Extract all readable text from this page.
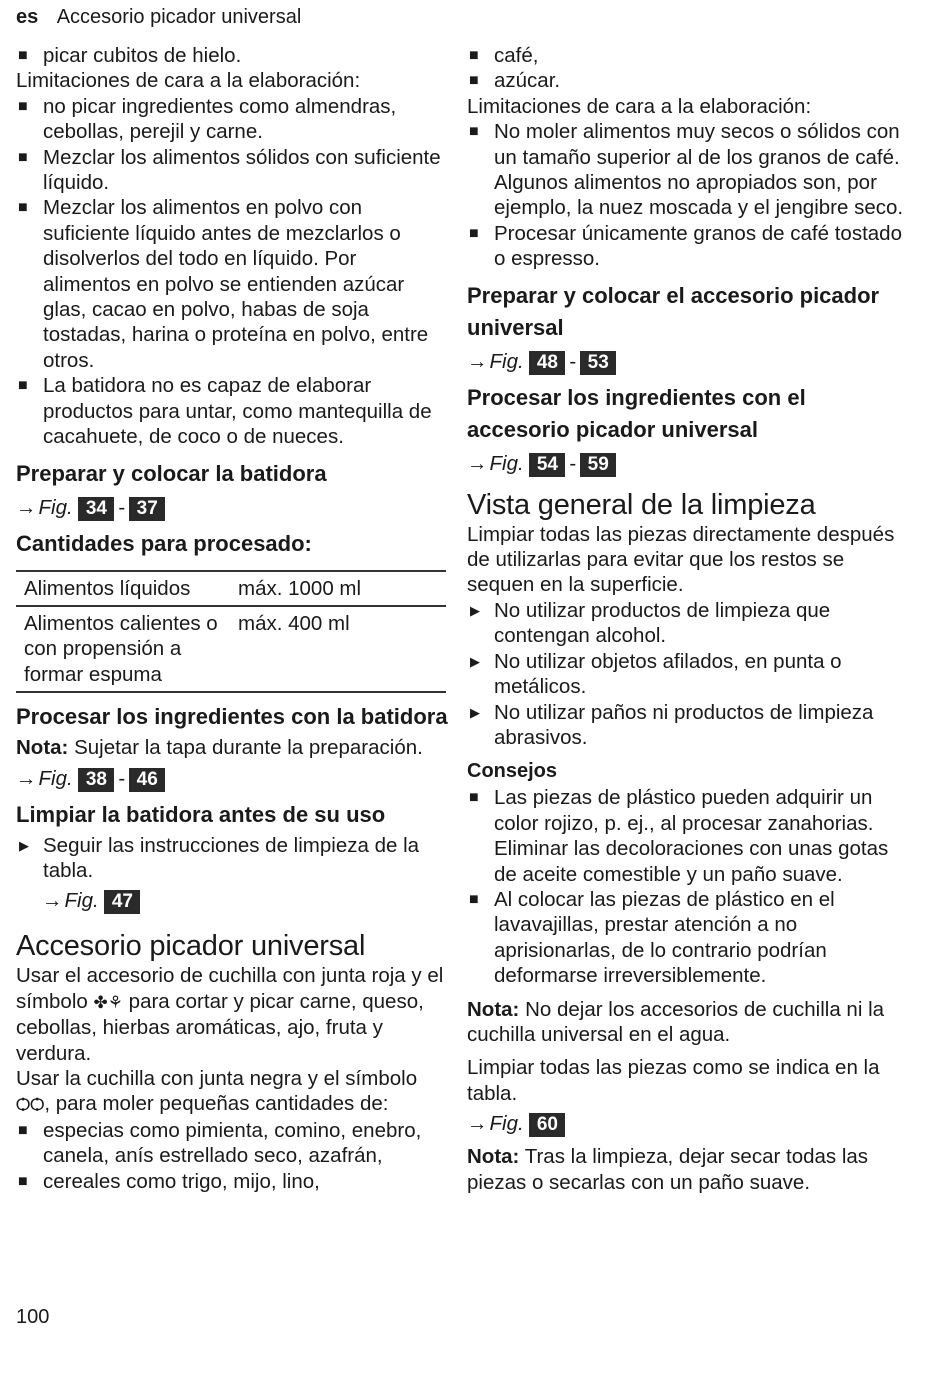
es Accesorio picador universal
■ picar cubitos de hielo.

Limitaciones de cara a la elaboración:

■ no picar ingredientes como almendras, cebollas, perejil y carne.
■ Mezclar los alimentos sólidos con suficiente líquido.
■ Mezclar los alimentos en polvo con suficiente líquido antes de mezclarlos o disolverlos del todo en líquido. Por alimentos en polvo se entienden azúcar glas, cacao en polvo, habas de soja tostadas, harina o proteína en polvo, entre otros.
■ La batidora no es capaz de elaborar productos para untar, como mantequilla de cacahuete, de coco o de nueces.
Preparar y colocar la batidora
→Fig. 34 - 37
Cantidades para procesado:
Alimentos líquidos	máx. 1000 ml
Alimentos calientes o con propensión a formar espuma	máx. 400 ml
Procesar los ingredientes con la batidora

Nota: Sujetar la tapa durante la preparación.

→Fig. 38 - 46
Limpiar la batidora antes de su uso
▶ Seguir las instrucciones de limpieza de la tabla.
→Fig. 47
Accesorio picador universal

Usar el accesorio de cuchilla con junta roja y el símbolo ✤⚘ para cortar y picar carne, queso, cebollas, hierbas aromáticas, ajo, fruta y verdura.

Usar la cuchilla con junta negra y el símbolo ѺѺ, para moler pequeñas cantidades de:

■ especias como pimienta, comino, enebro, canela, anís estrellado seco, azafrán,
■ cereales como trigo, mijo, lino,
■ café,
■ azúcar.

Limitaciones de cara a la elaboración:

■ No moler alimentos muy secos o sólidos con un tamaño superior al de los granos de café. Algunos alimentos no apropiados son, por ejemplo, la nuez moscada y el jengibre seco.
■ Procesar únicamente granos de café tostado o espresso.
Preparar y colocar el accesorio picador universal
→Fig. 48 - 53
Procesar los ingredientes con el accesorio picador universal
→Fig. 54 - 59
Vista general de la limpieza

Limpiar todas las piezas directamente después de utilizarlas para evitar que los restos se sequen en la superficie.

▶ No utilizar productos de limpieza que contengan alcohol.
▶ No utilizar objetos afilados, en punta o metálicos.
▶ No utilizar paños ni productos de limpieza abrasivos.
Consejos
■ Las piezas de plástico pueden adquirir un color rojizo, p. ej., al procesar zanahorias. Eliminar las decoloraciones con unas gotas de aceite comestible y un paño suave.
■ Al colocar las piezas de plástico en el lavavajillas, prestar atención a no aprisionarlas, de lo contrario podrían deformarse irreversiblemente.

Nota: No dejar los accesorios de cuchilla ni la cuchilla universal en el agua.

Limpiar todas las piezas como se indica en la tabla.

→Fig. 60

Nota: Tras la limpieza, dejar secar todas las piezas o secarlas con un paño suave.

100
